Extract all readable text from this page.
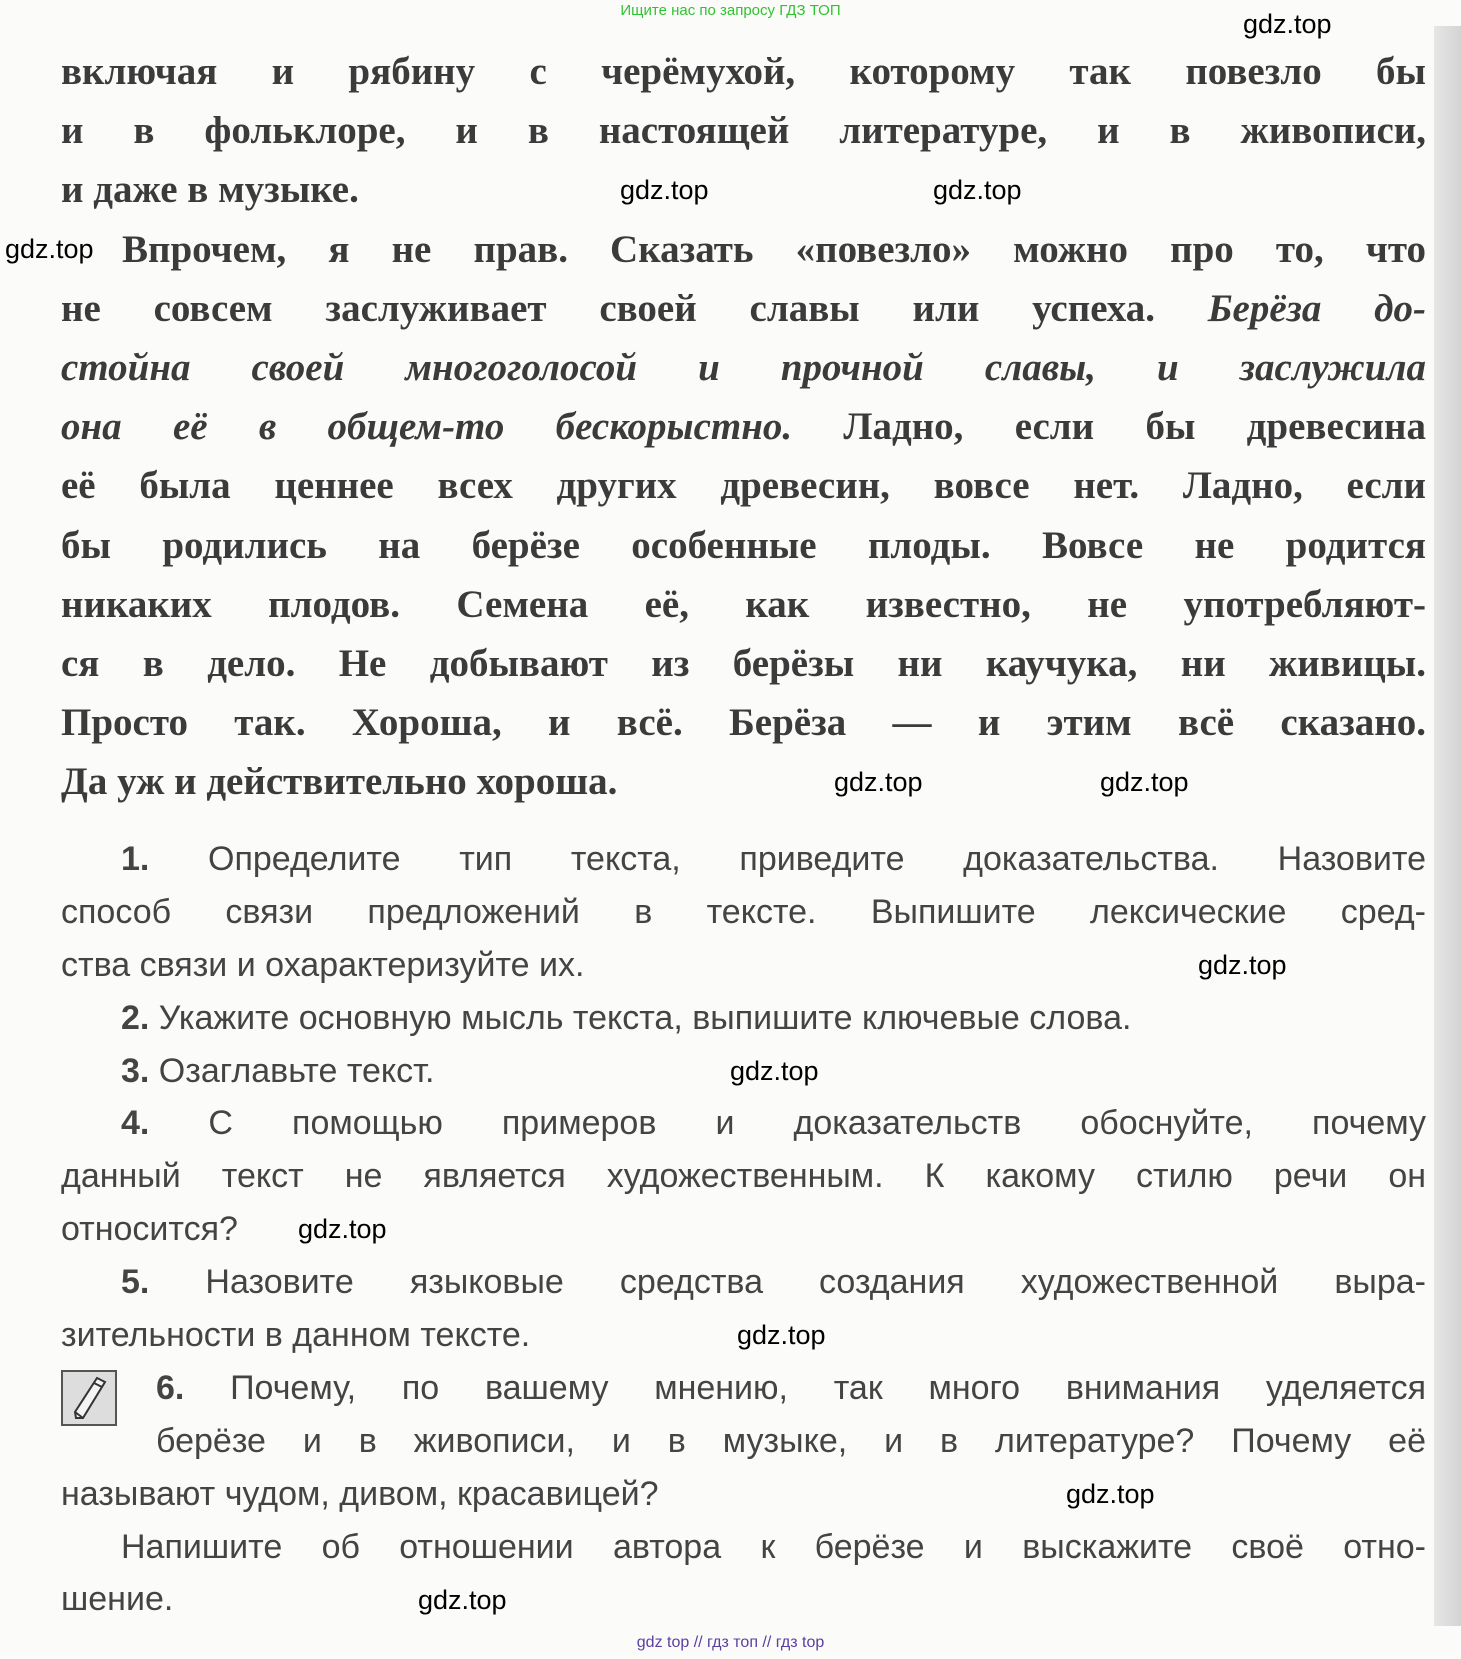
Ищите нас по запросу ГДЗ ТОП
включая и рябину с черёмухой, которому так повезло бы
и в фольклоре, и в настоящей литературе, и в живописи,
и даже в музыке.
Впрочем, я не прав. Сказать «повезло» можно про то, что
не совсем заслуживает своей славы или успеха. Берёза до-
стойна своей многоголосой и прочной славы, и заслужила
она её в общем-то бескорыстно. Ладно, если бы древесина
её была ценнее всех других древесин, вовсе нет. Ладно, если
бы родились на берёзе особенные плоды. Вовсе не родится
никаких плодов. Семена её, как известно, не употребляют-
ся в дело. Не добывают из берёзы ни каучука, ни живицы.
Просто так. Хороша, и всё. Берёза — и этим всё сказано.
Да уж и действительно хороша.
1. Определите тип текста, приведите доказательства. Назовите
способ связи предложений в тексте. Выпишите лексические сред-
ства связи и охарактеризуйте их.
2. Укажите основную мысль текста, выпишите ключевые слова.
3. Озаглавьте текст.
4. С помощью примеров и доказательств обоснуйте, почему
данный текст не является художественным. К какому стилю речи он
относится?
5. Назовите языковые средства создания художественной выра-
зительности в данном тексте.
6. Почему, по вашему мнению, так много внимания уделяется
берёзе и в живописи, и в музыке, и в литературе? Почему её
называют чудом, дивом, красавицей?
Напишите об отношении автора к берёзе и выскажите своё отно-
шение.
gdz.top
gdz.top
gdz.top
gdz.top
gdz.top	gdz.top
gdz.top
gdz.top
gdz.top
gdz.top
gdz.top
gdz.top
gdz top // гдз топ // гдз top
